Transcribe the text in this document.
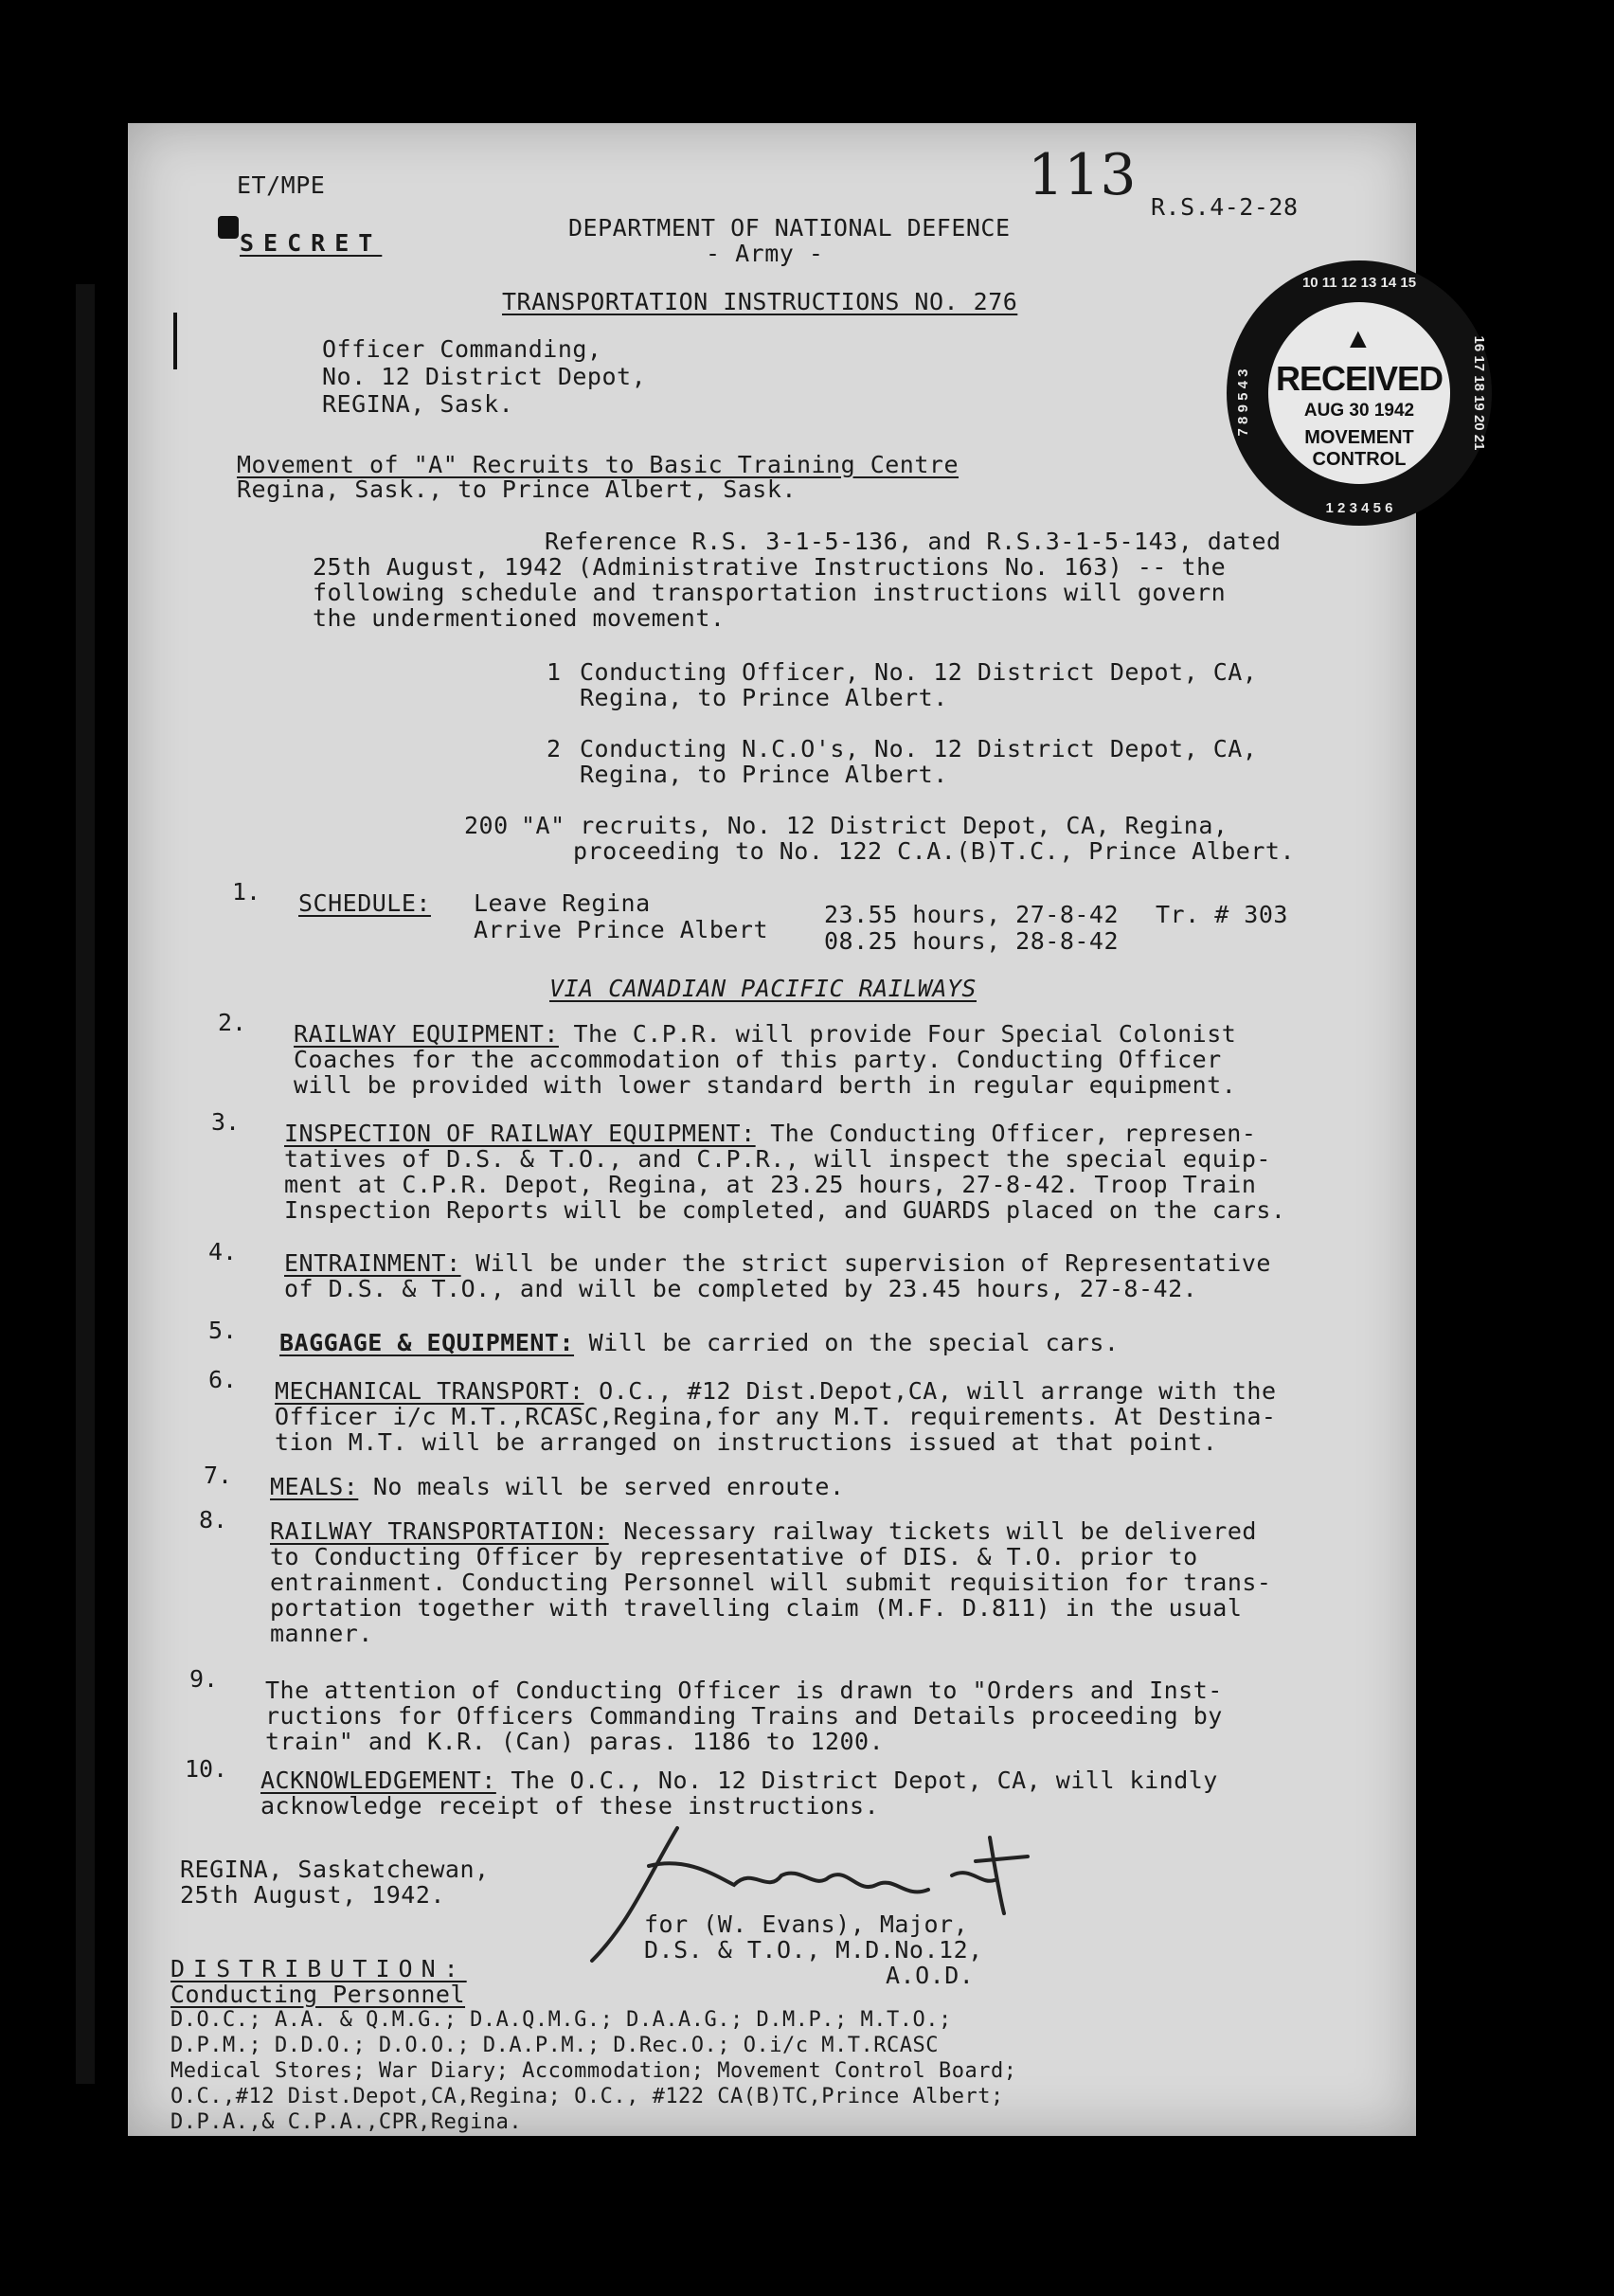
ET/MPE
SECRET
113 R.S.4-2-28
DEPARTMENT OF NATIONAL DEFENCE
- Army -
TRANSPORTATION INSTRUCTIONS NO. 276
10 11 12 13 14 15
1 2 3 4 5 6
7 8 9 5 4 3	16 17 18 19 20 21
▲
RECEIVED
AUG 30 1942
MOVEMENT
CONTROL
Officer Commanding,
No. 12 District Depot,
REGINA, Sask.
Movement of "A" Recruits to Basic Training Centre
Regina, Sask., to Prince Albert, Sask.
Reference R.S. 3-1-5-136, and R.S.3-1-5-143, dated
25th August, 1942 (Administrative Instructions No. 163) -- the
following schedule and transportation instructions will govern
the undermentioned movement.
1 Conducting Officer, No. 12 District Depot, CA,
Regina, to Prince Albert.
2 Conducting N.C.O's, No. 12 District Depot, CA,
Regina, to Prince Albert.
200 "A" recruits, No. 12 District Depot, CA, Regina,
proceeding to No. 122 C.A.(B)T.C., Prince Albert.
1. SCHEDULE: Leave Regina	23.55 hours, 27-8-42 Tr. # 303
Arrive Prince Albert 08.25 hours, 28-8-42
VIA CANADIAN PACIFIC RAILWAYS
2. RAILWAY EQUIPMENT: The C.P.R. will provide Four Special Colonist
Coaches for the accommodation of this party. Conducting Officer
will be provided with lower standard berth in regular equipment.
3. INSPECTION OF RAILWAY EQUIPMENT: The Conducting Officer, represen-
tatives of D.S. & T.O., and C.P.R., will inspect the special equip-
ment at C.P.R. Depot, Regina, at 23.25 hours, 27-8-42. Troop Train
Inspection Reports will be completed, and GUARDS placed on the cars.
4. ENTRAINMENT: Will be under the strict supervision of Representative
of D.S. & T.O., and will be completed by 23.45 hours, 27-8-42.
5. BAGGAGE & EQUIPMENT: Will be carried on the special cars.
6. MECHANICAL TRANSPORT: O.C., #12 Dist.Depot,CA, will arrange with the
Officer i/c M.T.,RCASC,Regina,for any M.T. requirements. At Destina-
tion M.T. will be arranged on instructions issued at that point.
7. MEALS: No meals will be served enroute.
8. RAILWAY TRANSPORTATION: Necessary railway tickets will be delivered
to Conducting Officer by representative of DIS. & T.O. prior to
entrainment. Conducting Personnel will submit requisition for trans-
portation together with travelling claim (M.F. D.811) in the usual
manner.
9. The attention of Conducting Officer is drawn to "Orders and Inst-
ructions for Officers Commanding Trains and Details proceeding by
train" and K.R. (Can) paras. 1186 to 1200.
10. ACKNOWLEDGEMENT: The O.C., No. 12 District Depot, CA, will kindly
acknowledge receipt of these instructions.
REGINA, Saskatchewan,
25th August, 1942.
for (W. Evans), Major,
D.S. & T.O., M.D.No.12,
A.O.D.
DISTRIBUTION:
Conducting Personnel
D.O.C.; A.A. & Q.M.G.; D.A.Q.M.G.; D.A.A.G.; D.M.P.; M.T.O.;
D.P.M.; D.D.O.; D.O.O.; D.A.P.M.; D.Rec.O.; O.i/c M.T.RCASC
Medical Stores; War Diary; Accommodation; Movement Control Board;
O.C.,#12 Dist.Depot,CA,Regina; O.C., #122 CA(B)TC,Prince Albert;
D.P.A.,& C.P.A.,CPR,Regina.
